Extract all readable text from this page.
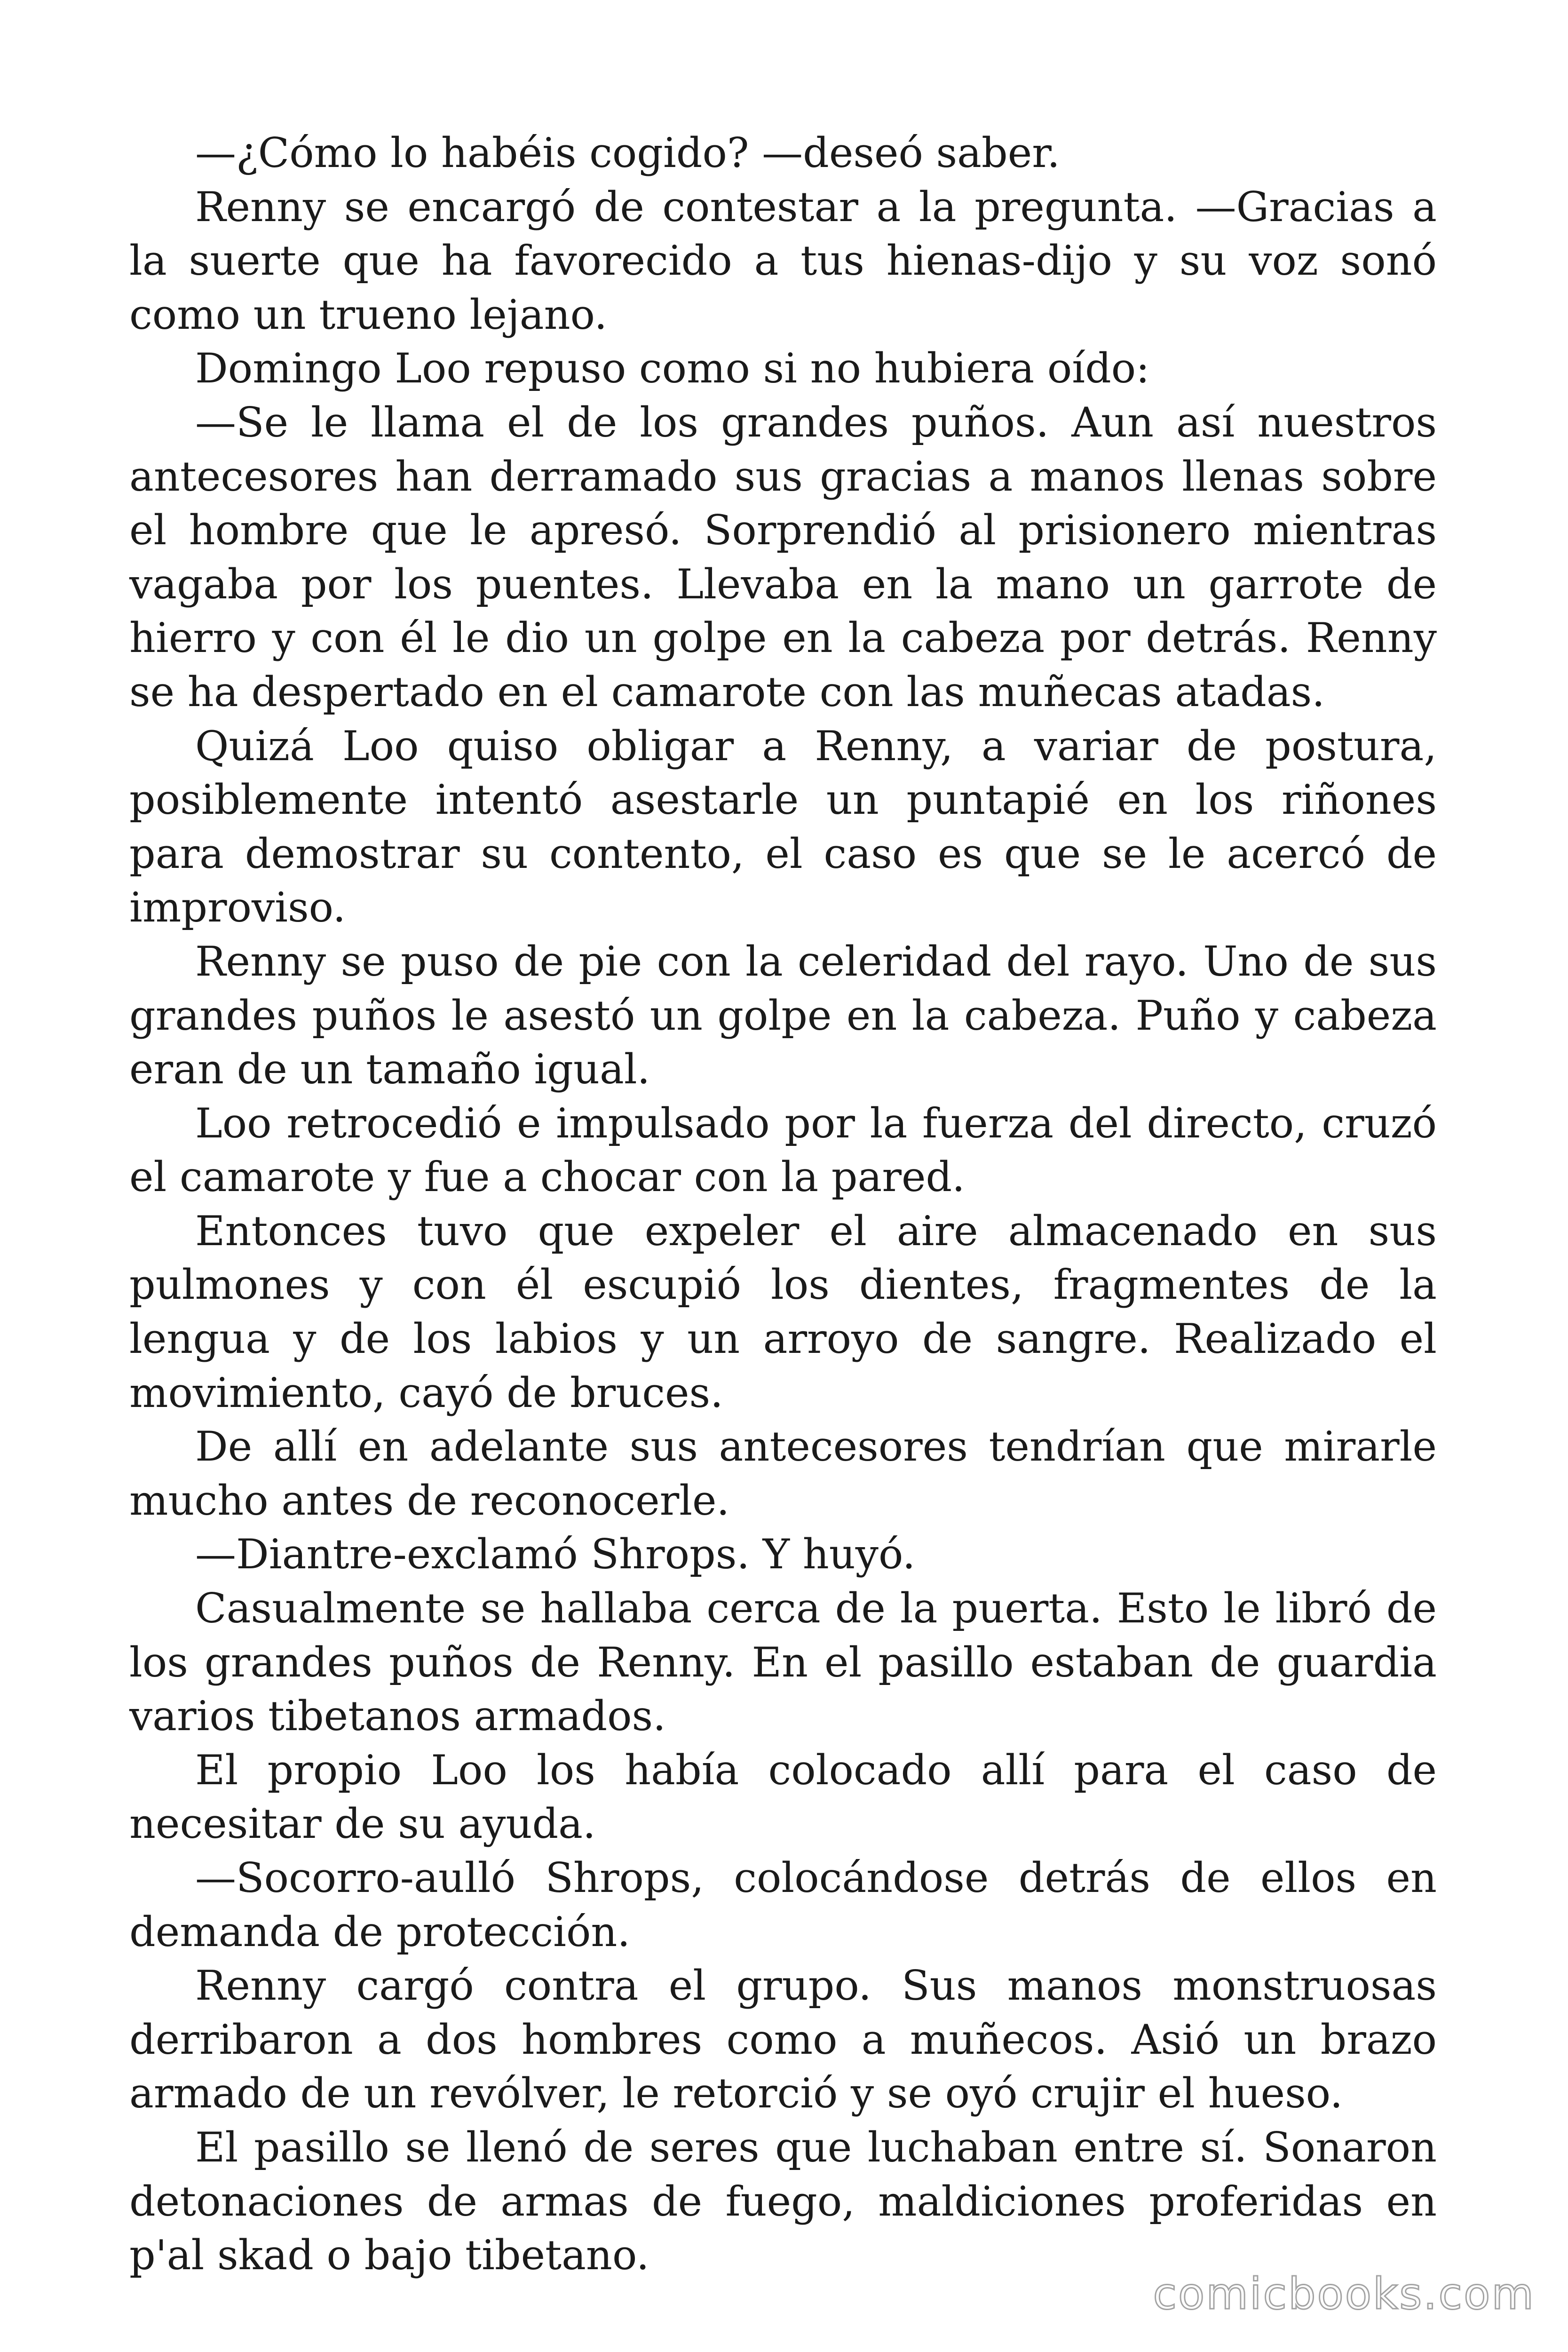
—¿Cómo lo habéis cogido? —deseó saber.

Renny se encargó de contestar a la pregunta. —Gracias a la suerte que ha favorecido a tus hienas-dijo y su voz sonó como un trueno lejano.

Domingo Loo repuso como si no hubiera oído:

—Se le llama el de los grandes puños. Aun así nuestros antecesores han derramado sus gracias a manos llenas sobre el hombre que le apresó. Sorprendió al prisionero mientras vagaba por los puentes. Llevaba en la mano un garrote de hierro y con él le dio un golpe en la cabeza por detrás. Renny se ha despertado en el camarote con las muñecas atadas.

Quizá Loo quiso obligar a Renny, a variar de postura, posiblemente intentó asestarle un puntapié en los riñones para demostrar su contento, el caso es que se le acercó de improviso.

Renny se puso de pie con la celeridad del rayo. Uno de sus grandes puños le asestó un golpe en la cabeza. Puño y cabeza eran de un tamaño igual.

Loo retrocedió e impulsado por la fuerza del directo, cruzó el camarote y fue a chocar con la pared.

Entonces tuvo que expeler el aire almacenado en sus pulmones y con él escupió los dientes, fragmentes de la lengua y de los labios y un arroyo de sangre. Realizado el movimiento, cayó de bruces.

De allí en adelante sus antecesores tendrían que mirarle mucho antes de reconocerle.

—Diantre-exclamó Shrops. Y huyó.

Casualmente se hallaba cerca de la puerta. Esto le libró de los grandes puños de Renny. En el pasillo estaban de guardia varios tibetanos armados.

El propio Loo los había colocado allí para el caso de necesitar de su ayuda.

—Socorro-aulló Shrops, colocándose detrás de ellos en demanda de protección.

Renny cargó contra el grupo. Sus manos monstruosas derribaron a dos hombres como a muñecos. Asió un brazo armado de un revólver, le retorció y se oyó crujir el hueso.

El pasillo se llenó de seres que luchaban entre sí. Sonaron detonaciones de armas de fuego, maldiciones proferidas en p'al skad o bajo tibetano.

comicbooks.com
